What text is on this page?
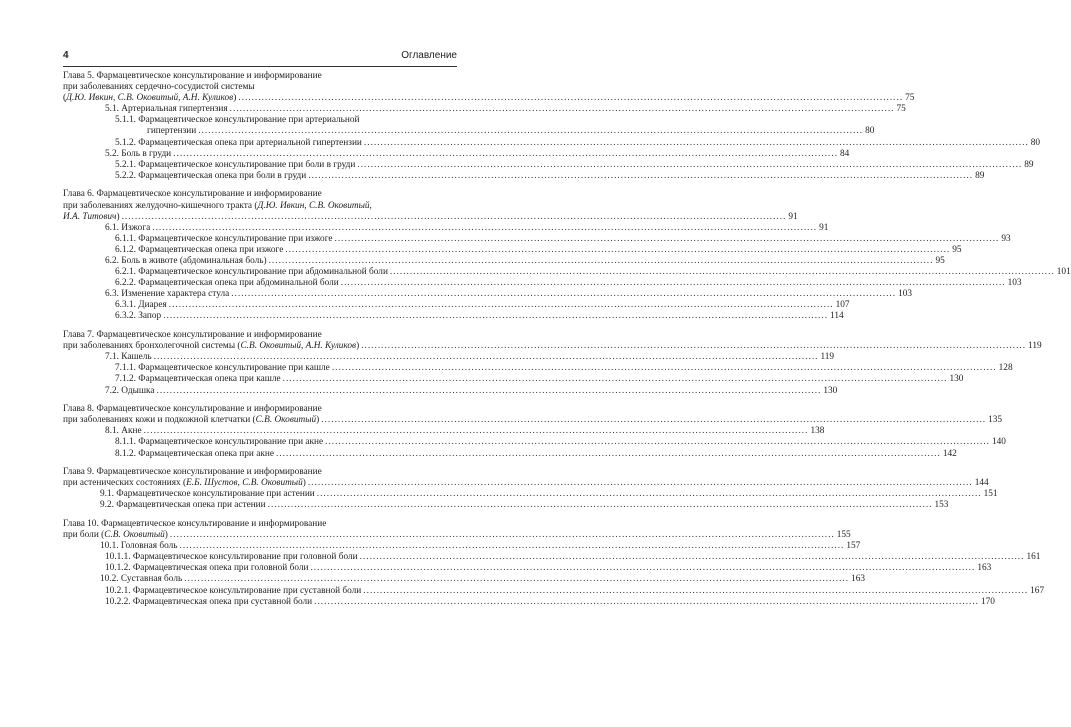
4	Оглавление
Глава 5. Фармацевтическое консультирование и информирование
при заболеваниях сердечно-сосудистой системы
(Д.Ю. Ивкин, С.В. Оковитый, А.Н. Куликов) ........................................................................................................................................................................................................ 75
5.1. Артериальная гипертензия ........................................................................................................................................................................................................ 75
5.1.1. Фармацевтическое консультирование при артериальной
гипертензии ........................................................................................................................................................................................................ 80
5.1.2. Фармацевтическая опека при артериальной гипертензии ........................................................................................................................................................................................................ 80
5.2. Боль в груди ........................................................................................................................................................................................................ 84
5.2.1. Фармацевтическое консультирование при боли в груди ........................................................................................................................................................................................................ 89
5.2.2. Фармацевтическая опека при боли в груди ........................................................................................................................................................................................................ 89
Глава 6. Фармацевтическое консультирование и информирование
при заболеваниях желудочно-кишечного тракта (Д.Ю. Ивкин, С.В. Оковитый,
И.А. Титович) ........................................................................................................................................................................................................ 91
6.1. Изжога ........................................................................................................................................................................................................ 91
6.1.1. Фармацевтическое консультирование при изжоге ........................................................................................................................................................................................................ 93
6.1.2. Фармацевтическая опека при изжоге ........................................................................................................................................................................................................ 95
6.2. Боль в животе (абдоминальная боль) ........................................................................................................................................................................................................ 95
6.2.1. Фармацевтическое консультирование при абдоминальной боли ........................................................................................................................................................................................................ 101
6.2.2. Фармацевтическая опека при абдоминальной боли ........................................................................................................................................................................................................ 103
6.3. Изменение характера стула ........................................................................................................................................................................................................ 103
6.3.1. Диарея ........................................................................................................................................................................................................ 107
6.3.2. Запор ........................................................................................................................................................................................................ 114
Глава 7. Фармацевтическое консультирование и информирование
при заболеваниях бронхолегочной системы (С.В. Оковитый, А.Н. Куликов) ........................................................................................................................................................................................................ 119
7.1. Кашель ........................................................................................................................................................................................................ 119
7.1.1. Фармацевтическое консультирование при кашле ........................................................................................................................................................................................................ 128
7.1.2. Фармацевтическая опека при кашле ........................................................................................................................................................................................................ 130
7.2. Одышка ........................................................................................................................................................................................................ 130
Глава 8. Фармацевтическое консультирование и информирование
при заболеваниях кожи и подкожной клетчатки (С.В. Оковитый) ........................................................................................................................................................................................................ 135
8.1. Акне ........................................................................................................................................................................................................ 138
8.1.1. Фармацевтическое консультирование при акне ........................................................................................................................................................................................................ 140
8.1.2. Фармацевтическая опека при акне ........................................................................................................................................................................................................ 142
Глава 9. Фармацевтическое консультирование и информирование
при астенических состояниях (Е.Б. Шустов, С.В. Оковитый) ........................................................................................................................................................................................................ 144
9.1. Фармацевтическое консультирование при астении ........................................................................................................................................................................................................ 151
9.2. Фармацевтическая опека при астении ........................................................................................................................................................................................................ 153
Глава 10. Фармацевтическое консультирование и информирование
при боли (С.В. Оковитый) ........................................................................................................................................................................................................ 155
10.1. Головная боль ........................................................................................................................................................................................................ 157
10.1.1. Фармацевтическое консультирование при головной боли ........................................................................................................................................................................................................ 161
10.1.2. Фармацевтическая опека при головной боли ........................................................................................................................................................................................................ 163
10.2. Суставная боль ........................................................................................................................................................................................................ 163
10.2.1. Фармацевтическое консультирование при суставной боли ........................................................................................................................................................................................................ 167
10.2.2. Фармацевтическая опека при суставной боли ........................................................................................................................................................................................................ 170
